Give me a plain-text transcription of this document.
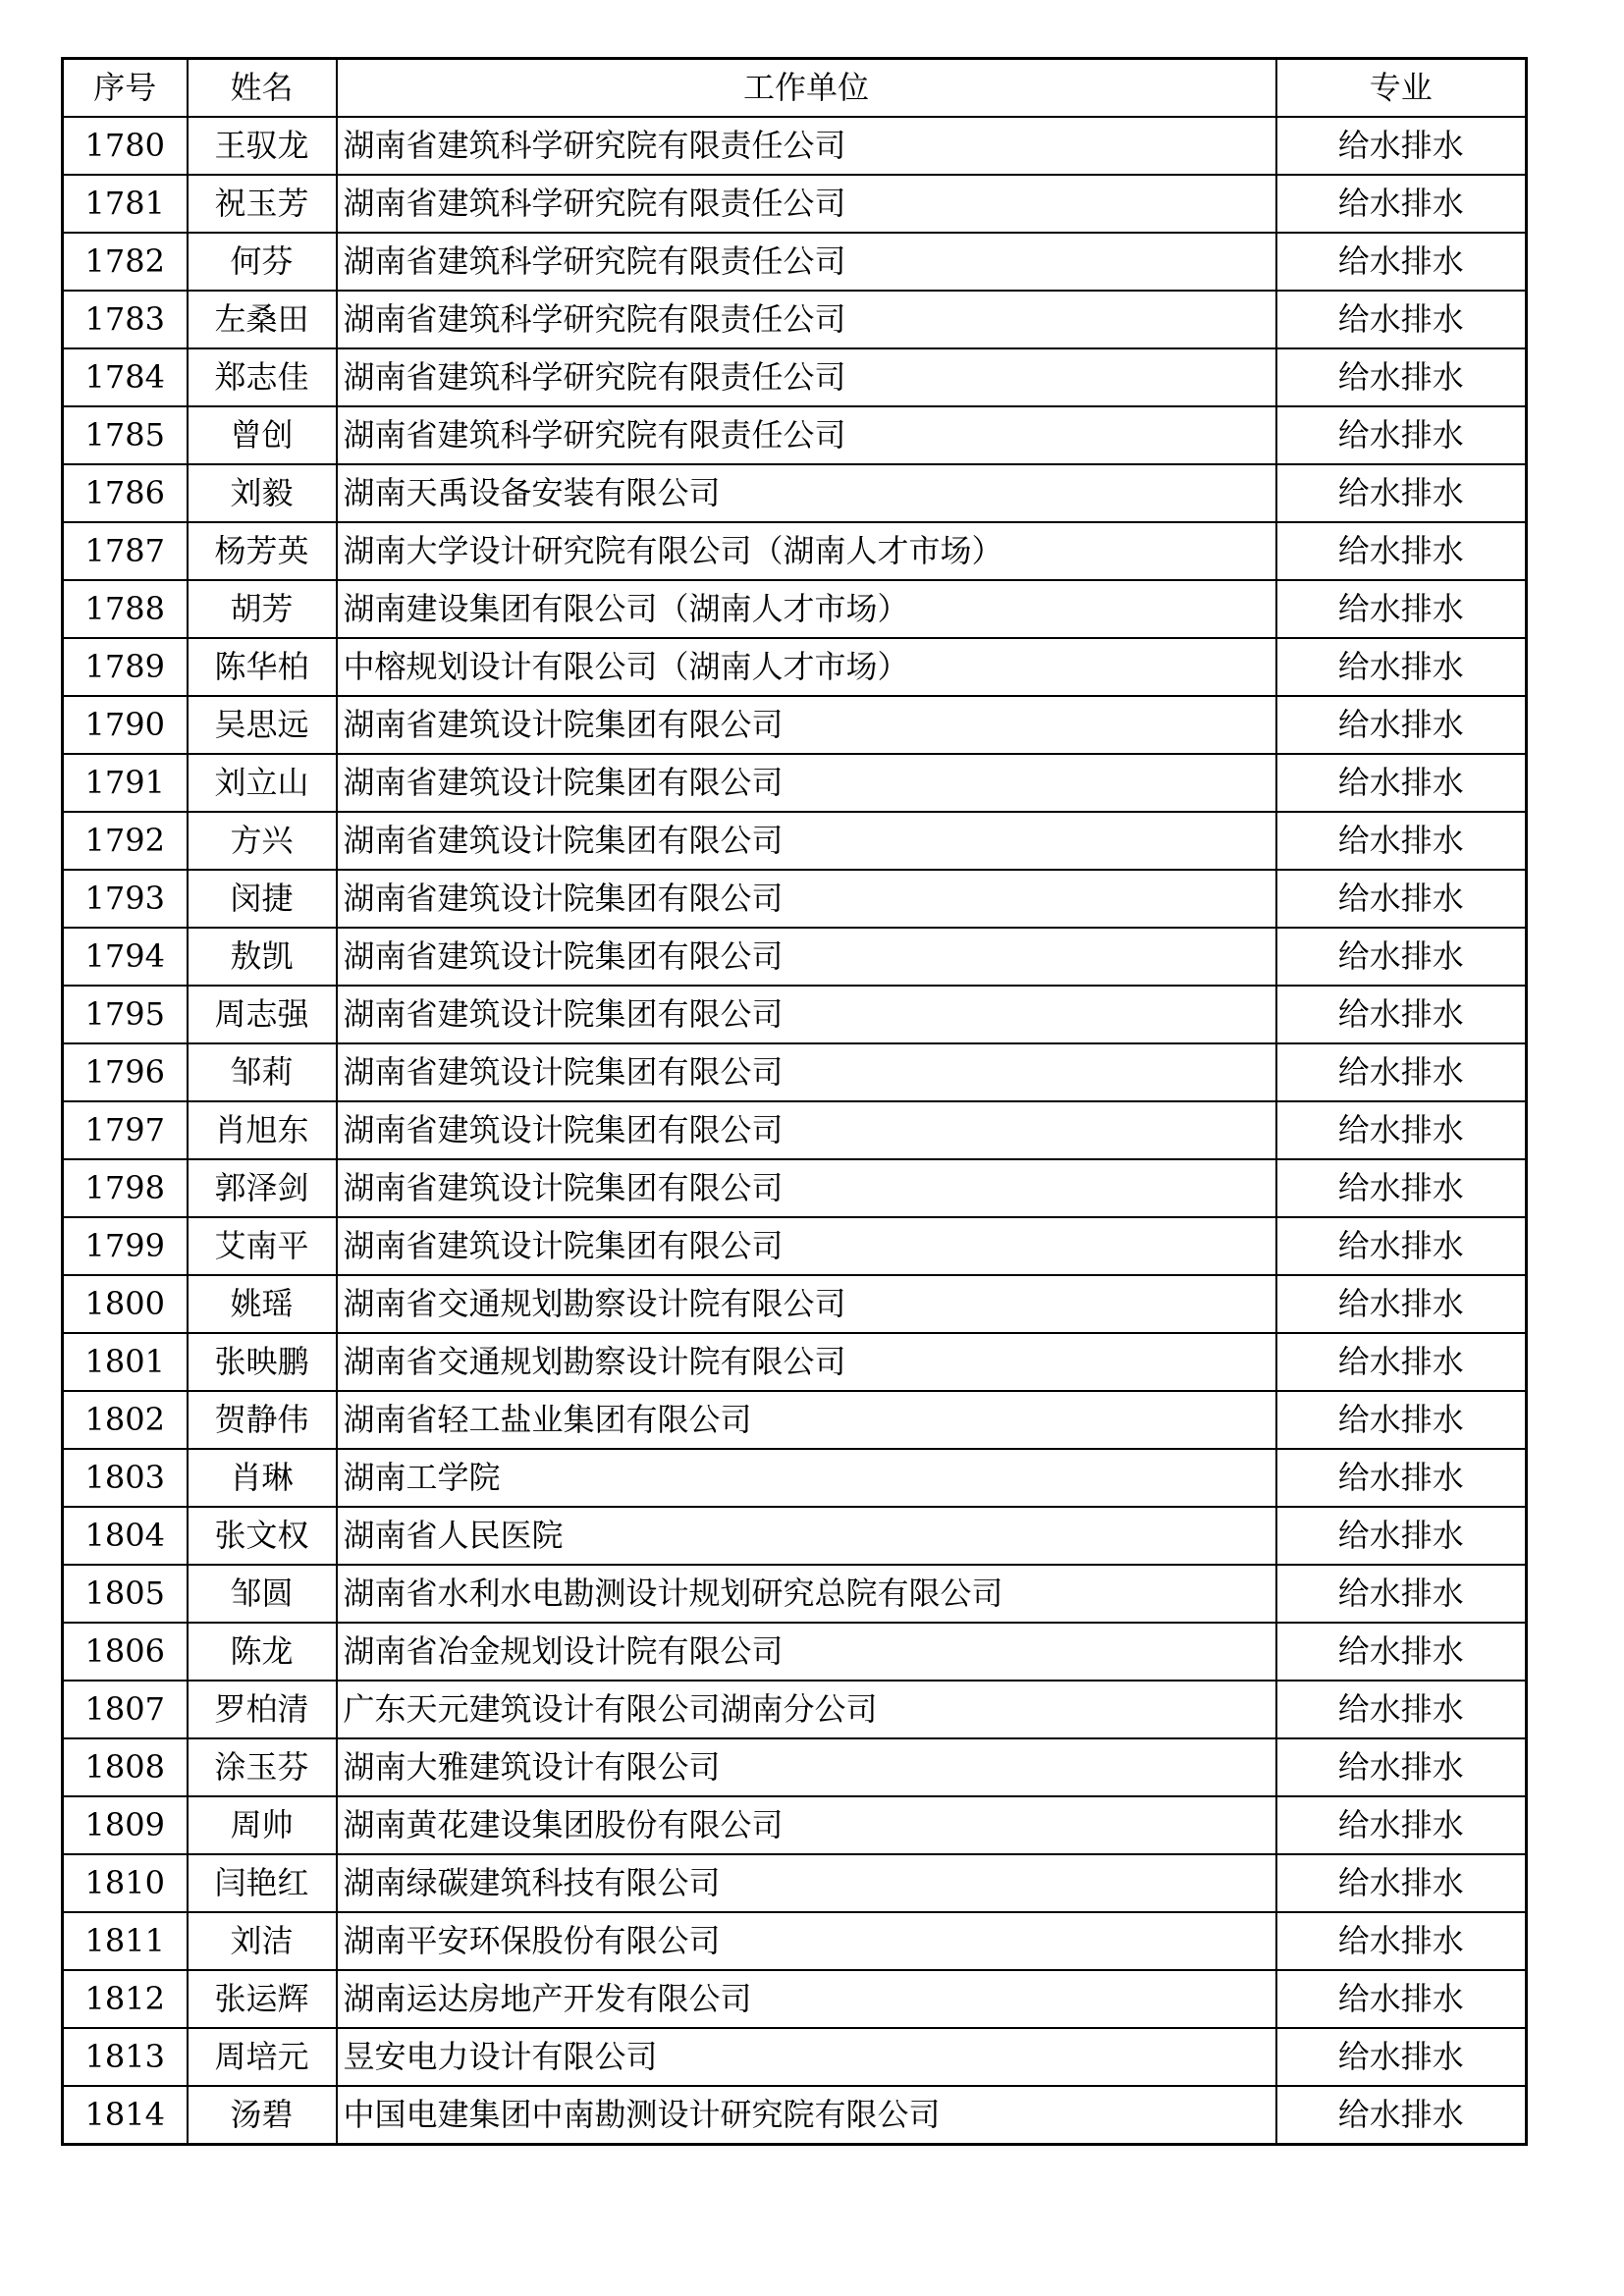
序号	姓名	工作单位	专业
1780	王驭龙	湖南省建筑科学研究院有限责任公司	给水排水
1781	祝玉芳	湖南省建筑科学研究院有限责任公司	给水排水
1782	何芬	湖南省建筑科学研究院有限责任公司	给水排水
1783	左桑田	湖南省建筑科学研究院有限责任公司	给水排水
1784	郑志佳	湖南省建筑科学研究院有限责任公司	给水排水
1785	曾创	湖南省建筑科学研究院有限责任公司	给水排水
1786	刘毅	湖南天禹设备安装有限公司	给水排水
1787	杨芳英	湖南大学设计研究院有限公司（湖南人才市场）	给水排水
1788	胡芳	湖南建设集团有限公司（湖南人才市场）	给水排水
1789	陈华柏	中榕规划设计有限公司（湖南人才市场）	给水排水
1790	吴思远	湖南省建筑设计院集团有限公司	给水排水
1791	刘立山	湖南省建筑设计院集团有限公司	给水排水
1792	方兴	湖南省建筑设计院集团有限公司	给水排水
1793	闵捷	湖南省建筑设计院集团有限公司	给水排水
1794	敖凯	湖南省建筑设计院集团有限公司	给水排水
1795	周志强	湖南省建筑设计院集团有限公司	给水排水
1796	邹莉	湖南省建筑设计院集团有限公司	给水排水
1797	肖旭东	湖南省建筑设计院集团有限公司	给水排水
1798	郭泽剑	湖南省建筑设计院集团有限公司	给水排水
1799	艾南平	湖南省建筑设计院集团有限公司	给水排水
1800	姚瑶	湖南省交通规划勘察设计院有限公司	给水排水
1801	张映鹏	湖南省交通规划勘察设计院有限公司	给水排水
1802	贺静伟	湖南省轻工盐业集团有限公司	给水排水
1803	肖琳	湖南工学院	给水排水
1804	张文权	湖南省人民医院	给水排水
1805	邹圆	湖南省水利水电勘测设计规划研究总院有限公司	给水排水
1806	陈龙	湖南省冶金规划设计院有限公司	给水排水
1807	罗柏清	广东天元建筑设计有限公司湖南分公司	给水排水
1808	涂玉芬	湖南大雅建筑设计有限公司	给水排水
1809	周帅	湖南黄花建设集团股份有限公司	给水排水
1810	闫艳红	湖南绿碳建筑科技有限公司	给水排水
1811	刘洁	湖南平安环保股份有限公司	给水排水
1812	张运辉	湖南运达房地产开发有限公司	给水排水
1813	周培元	昱安电力设计有限公司	给水排水
1814	汤碧	中国电建集团中南勘测设计研究院有限公司	给水排水
